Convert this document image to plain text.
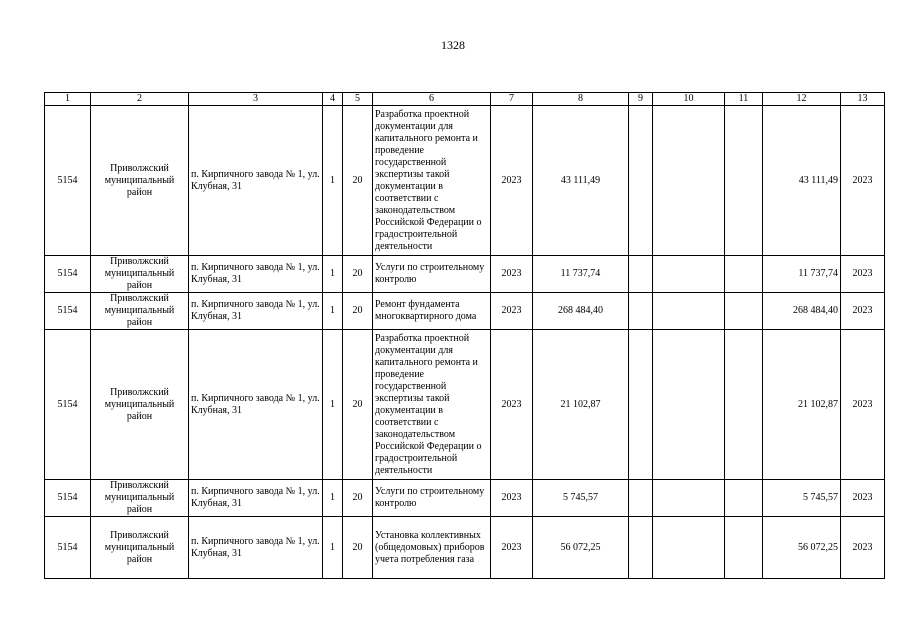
1328
1	2	3	4	5	6	7	8	9	10	11	12	13
5154	Приволжский муниципальный район	п. Кирпичного завода № 1, ул. Клубная, 31	1	20	Разработка проектной документации для капитального ремонта и проведение государственной экспертизы такой документации в соответствии с законодательством Российской Федерации о градостроительной деятельности	2023	43 111,49				43 111,49	2023
5154	Приволжский муниципальный район	п. Кирпичного завода № 1, ул. Клубная, 31	1	20	Услуги по строительному контролю	2023	11 737,74				11 737,74	2023
5154	Приволжский муниципальный район	п. Кирпичного завода № 1, ул. Клубная, 31	1	20	Ремонт фундамента многоквартирного дома	2023	268 484,40				268 484,40	2023
5154	Приволжский муниципальный район	п. Кирпичного завода № 1, ул. Клубная, 31	1	20	Разработка проектной документации для капитального ремонта и проведение государственной экспертизы такой документации в соответствии с законодательством Российской Федерации о градостроительной деятельности	2023	21 102,87				21 102,87	2023
5154	Приволжский муниципальный район	п. Кирпичного завода № 1, ул. Клубная, 31	1	20	Услуги по строительному контролю	2023	5 745,57				5 745,57	2023
5154	Приволжский муниципальный район	п. Кирпичного завода № 1, ул. Клубная, 31	1	20	Установка коллективных (общедомовых) приборов учета потребления газа	2023	56 072,25				56 072,25	2023
